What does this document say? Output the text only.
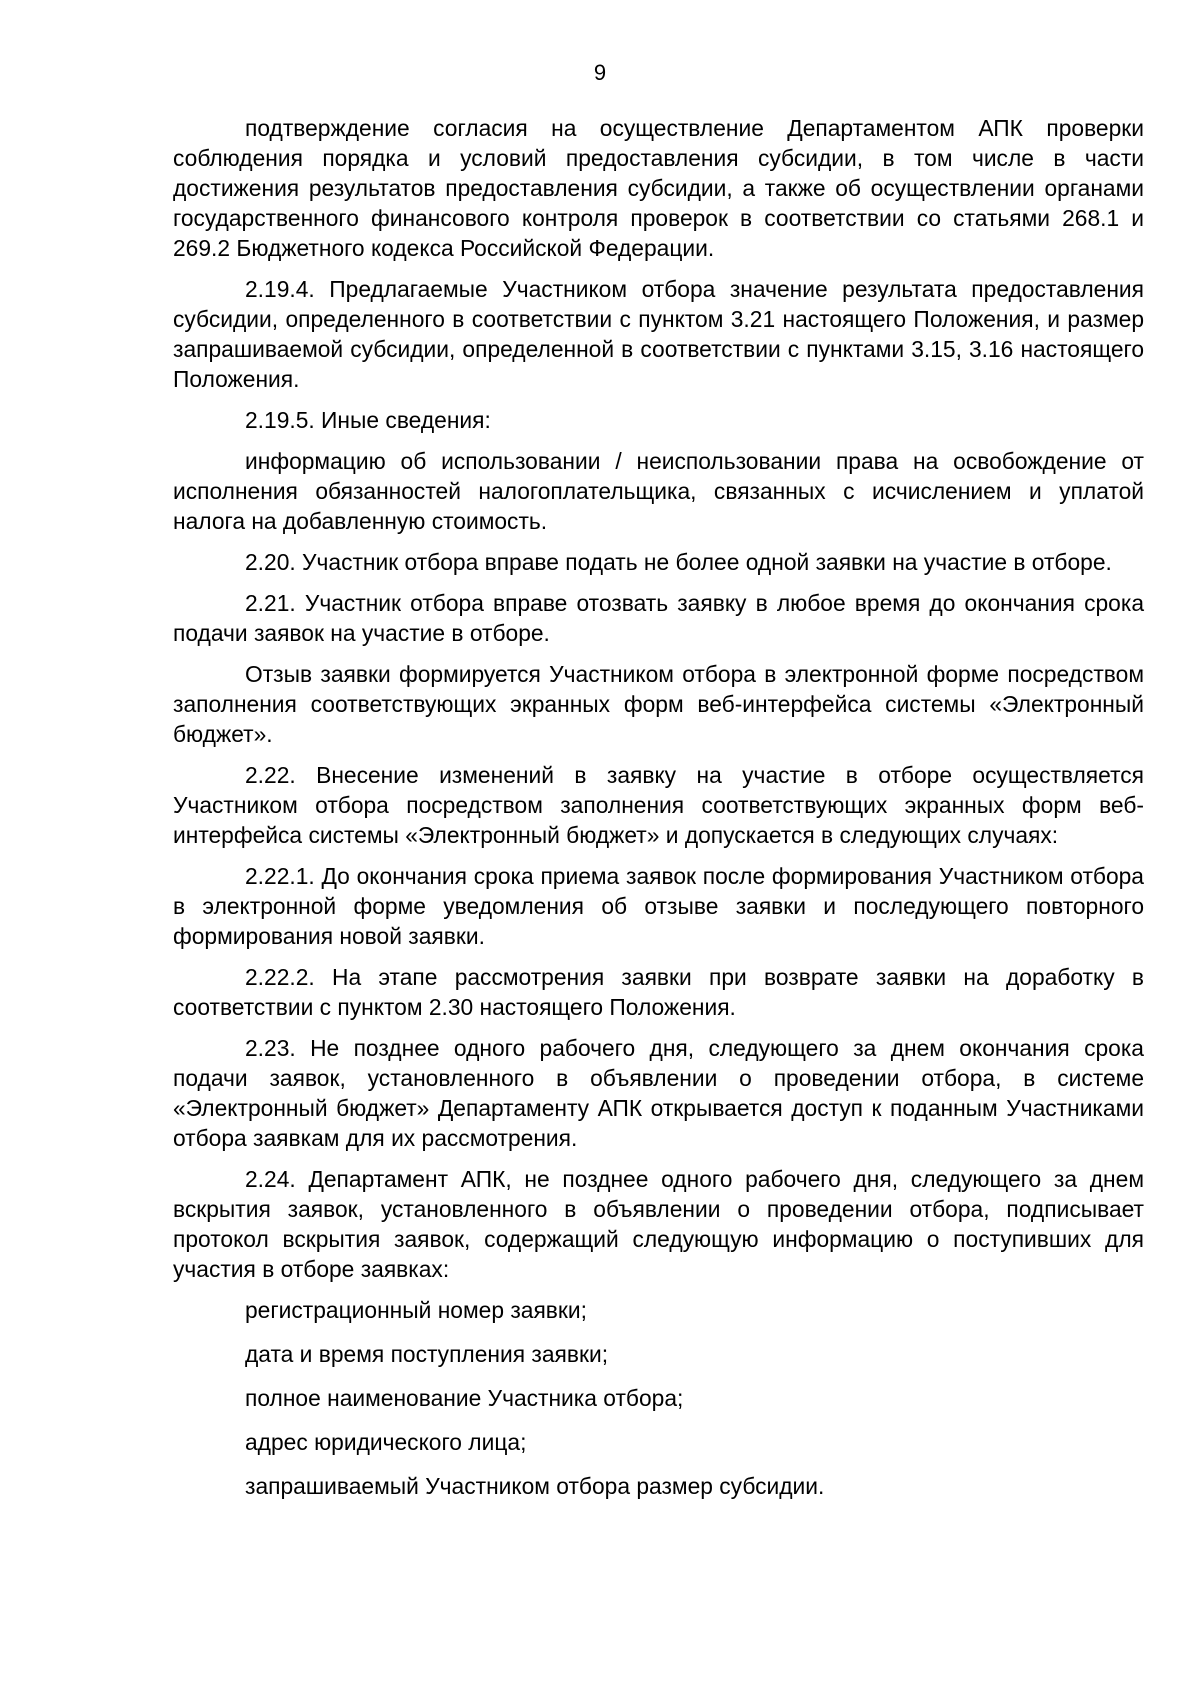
9

подтверждение согласия на осуществление Департаментом АПК проверки соблюдения порядка и условий предоставления субсидии, в том числе в части достижения результатов предоставления субсидии, а также об осуществлении органами государственного финансового контроля проверок в соответствии со статьями 268.1 и 269.2 Бюджетного кодекса Российской Федерации.

2.19.4. Предлагаемые Участником отбора значение результата предоставления субсидии, определенного в соответствии с пунктом 3.21 настоящего Положения, и размер запрашиваемой субсидии, определенной в соответствии с пунктами 3.15, 3.16 настоящего Положения.

2.19.5. Иные сведения:

информацию об использовании / неиспользовании права на освобождение от исполнения обязанностей налогоплательщика, связанных с исчислением и уплатой налога на добавленную стоимость.

2.20. Участник отбора вправе подать не более одной заявки на участие в отборе.

2.21. Участник отбора вправе отозвать заявку в любое время до окончания срока подачи заявок на участие в отборе.

Отзыв заявки формируется Участником отбора в электронной форме посредством заполнения соответствующих экранных форм веб-интерфейса системы «Электронный бюджет».

2.22. Внесение изменений в заявку на участие в отборе осуществляется Участником отбора посредством заполнения соответствующих экранных форм веб-интерфейса системы «Электронный бюджет» и допускается в следующих случаях:

2.22.1. До окончания срока приема заявок после формирования Участником отбора в электронной форме уведомления об отзыве заявки и последующего повторного формирования новой заявки.

2.22.2. На этапе рассмотрения заявки при возврате заявки на доработку в соответствии с пунктом 2.30 настоящего Положения.

2.23. Не позднее одного рабочего дня, следующего за днем окончания срока подачи заявок, установленного в объявлении о проведении отбора, в системе «Электронный бюджет» Департаменту АПК открывается доступ к поданным Участниками отбора заявкам для их рассмотрения.

2.24. Департамент АПК, не позднее одного рабочего дня, следующего за днем вскрытия заявок, установленного в объявлении о проведении отбора, подписывает протокол вскрытия заявок, содержащий следующую информацию о поступивших для участия в отборе заявках:

регистрационный номер заявки;

дата и время поступления заявки;

полное наименование Участника отбора;

адрес юридического лица;

запрашиваемый Участником отбора размер субсидии.
